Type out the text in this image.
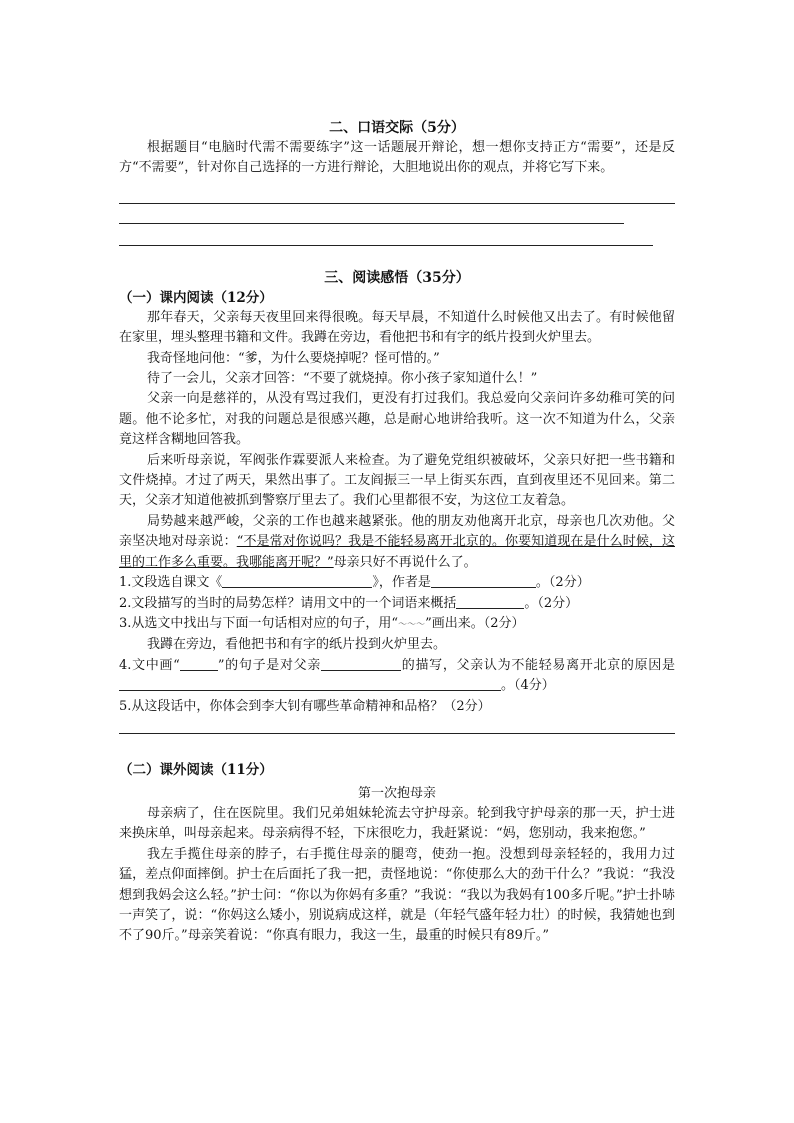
二、口语交际（5分）

根据题目“电脑时代需不需要练字”这一话题展开辩论，想一想你支持正方“需要”，还是反方“不需要”，针对你自己选择的一方进行辩论，大胆地说出你的观点，并将它写下来。

三、阅读感悟（35分）
（一）课内阅读（12分）

那年春天，父亲每天夜里回来得很晚。每天早晨，不知道什么时候他又出去了。有时候他留在家里，埋头整理书籍和文件。我蹲在旁边，看他把书和有字的纸片投到火炉里去。

我奇怪地问他：“爹，为什么要烧掉呢？怪可惜的。”

待了一会儿，父亲才回答：“不要了就烧掉。你小孩子家知道什么！”

父亲一向是慈祥的，从没有骂过我们，更没有打过我们。我总爱向父亲问许多幼稚可笑的问题。他不论多忙，对我的问题总是很感兴趣，总是耐心地讲给我听。这一次不知道为什么，父亲竟这样含糊地回答我。

后来听母亲说，军阀张作霖要派人来检查。为了避免党组织被破坏，父亲只好把一些书籍和文件烧掉。才过了两天，果然出事了。工友阎振三一早上街买东西，直到夜里还不见回来。第二天，父亲才知道他被抓到警察厅里去了。我们心里都很不安，为这位工友着急。

局势越来越严峻，父亲的工作也越来越紧张。他的朋友劝他离开北京，母亲也几次劝他。父亲坚决地对母亲说：“不是常对你说吗？我是不能轻易离开北京的。你要知道现在是什么时候，这里的工作多么重要。我哪能离开呢？”母亲只好不再说什么了。

1.文段选自课文《	》，作者是	。（2分）

2.文段描写的当时的局势怎样？请用文中的一个词语来概括	。（2分）

3.从选文中找出与下面一句话相对应的句子，用“～～～”画出来。（2分）

我蹲在旁边，看他把书和有字的纸片投到火炉里去。

4.文中画“	”的句子是对父亲	的描写，父亲认为不能轻易离开北京的原因是。（4分）

5.从这段话中，你体会到李大钊有哪些革命精神和品格？（2分）

（二）课外阅读（11分）
第一次抱母亲

母亲病了，住在医院里。我们兄弟姐妹轮流去守护母亲。轮到我守护母亲的那一天，护士进来换床单，叫母亲起来。母亲病得不轻，下床很吃力，我赶紧说：“妈，您别动，我来抱您。”

我左手揽住母亲的脖子，右手揽住母亲的腿弯，使劲一抱。没想到母亲轻轻的，我用力过猛，差点仰面摔倒。护士在后面托了我一把，责怪地说：“你使那么大的劲干什么？”我说：“我没想到我妈会这么轻。”护士问：“你以为你妈有多重？”我说：“我以为我妈有100多斤呢。”护士扑哧一声笑了，说：“你妈这么矮小，别说病成这样，就是（年轻气盛年轻力壮）的时候，我猜她也到不了90斤。”母亲笑着说：“你真有眼力，我这一生，最重的时候只有89斤。”
